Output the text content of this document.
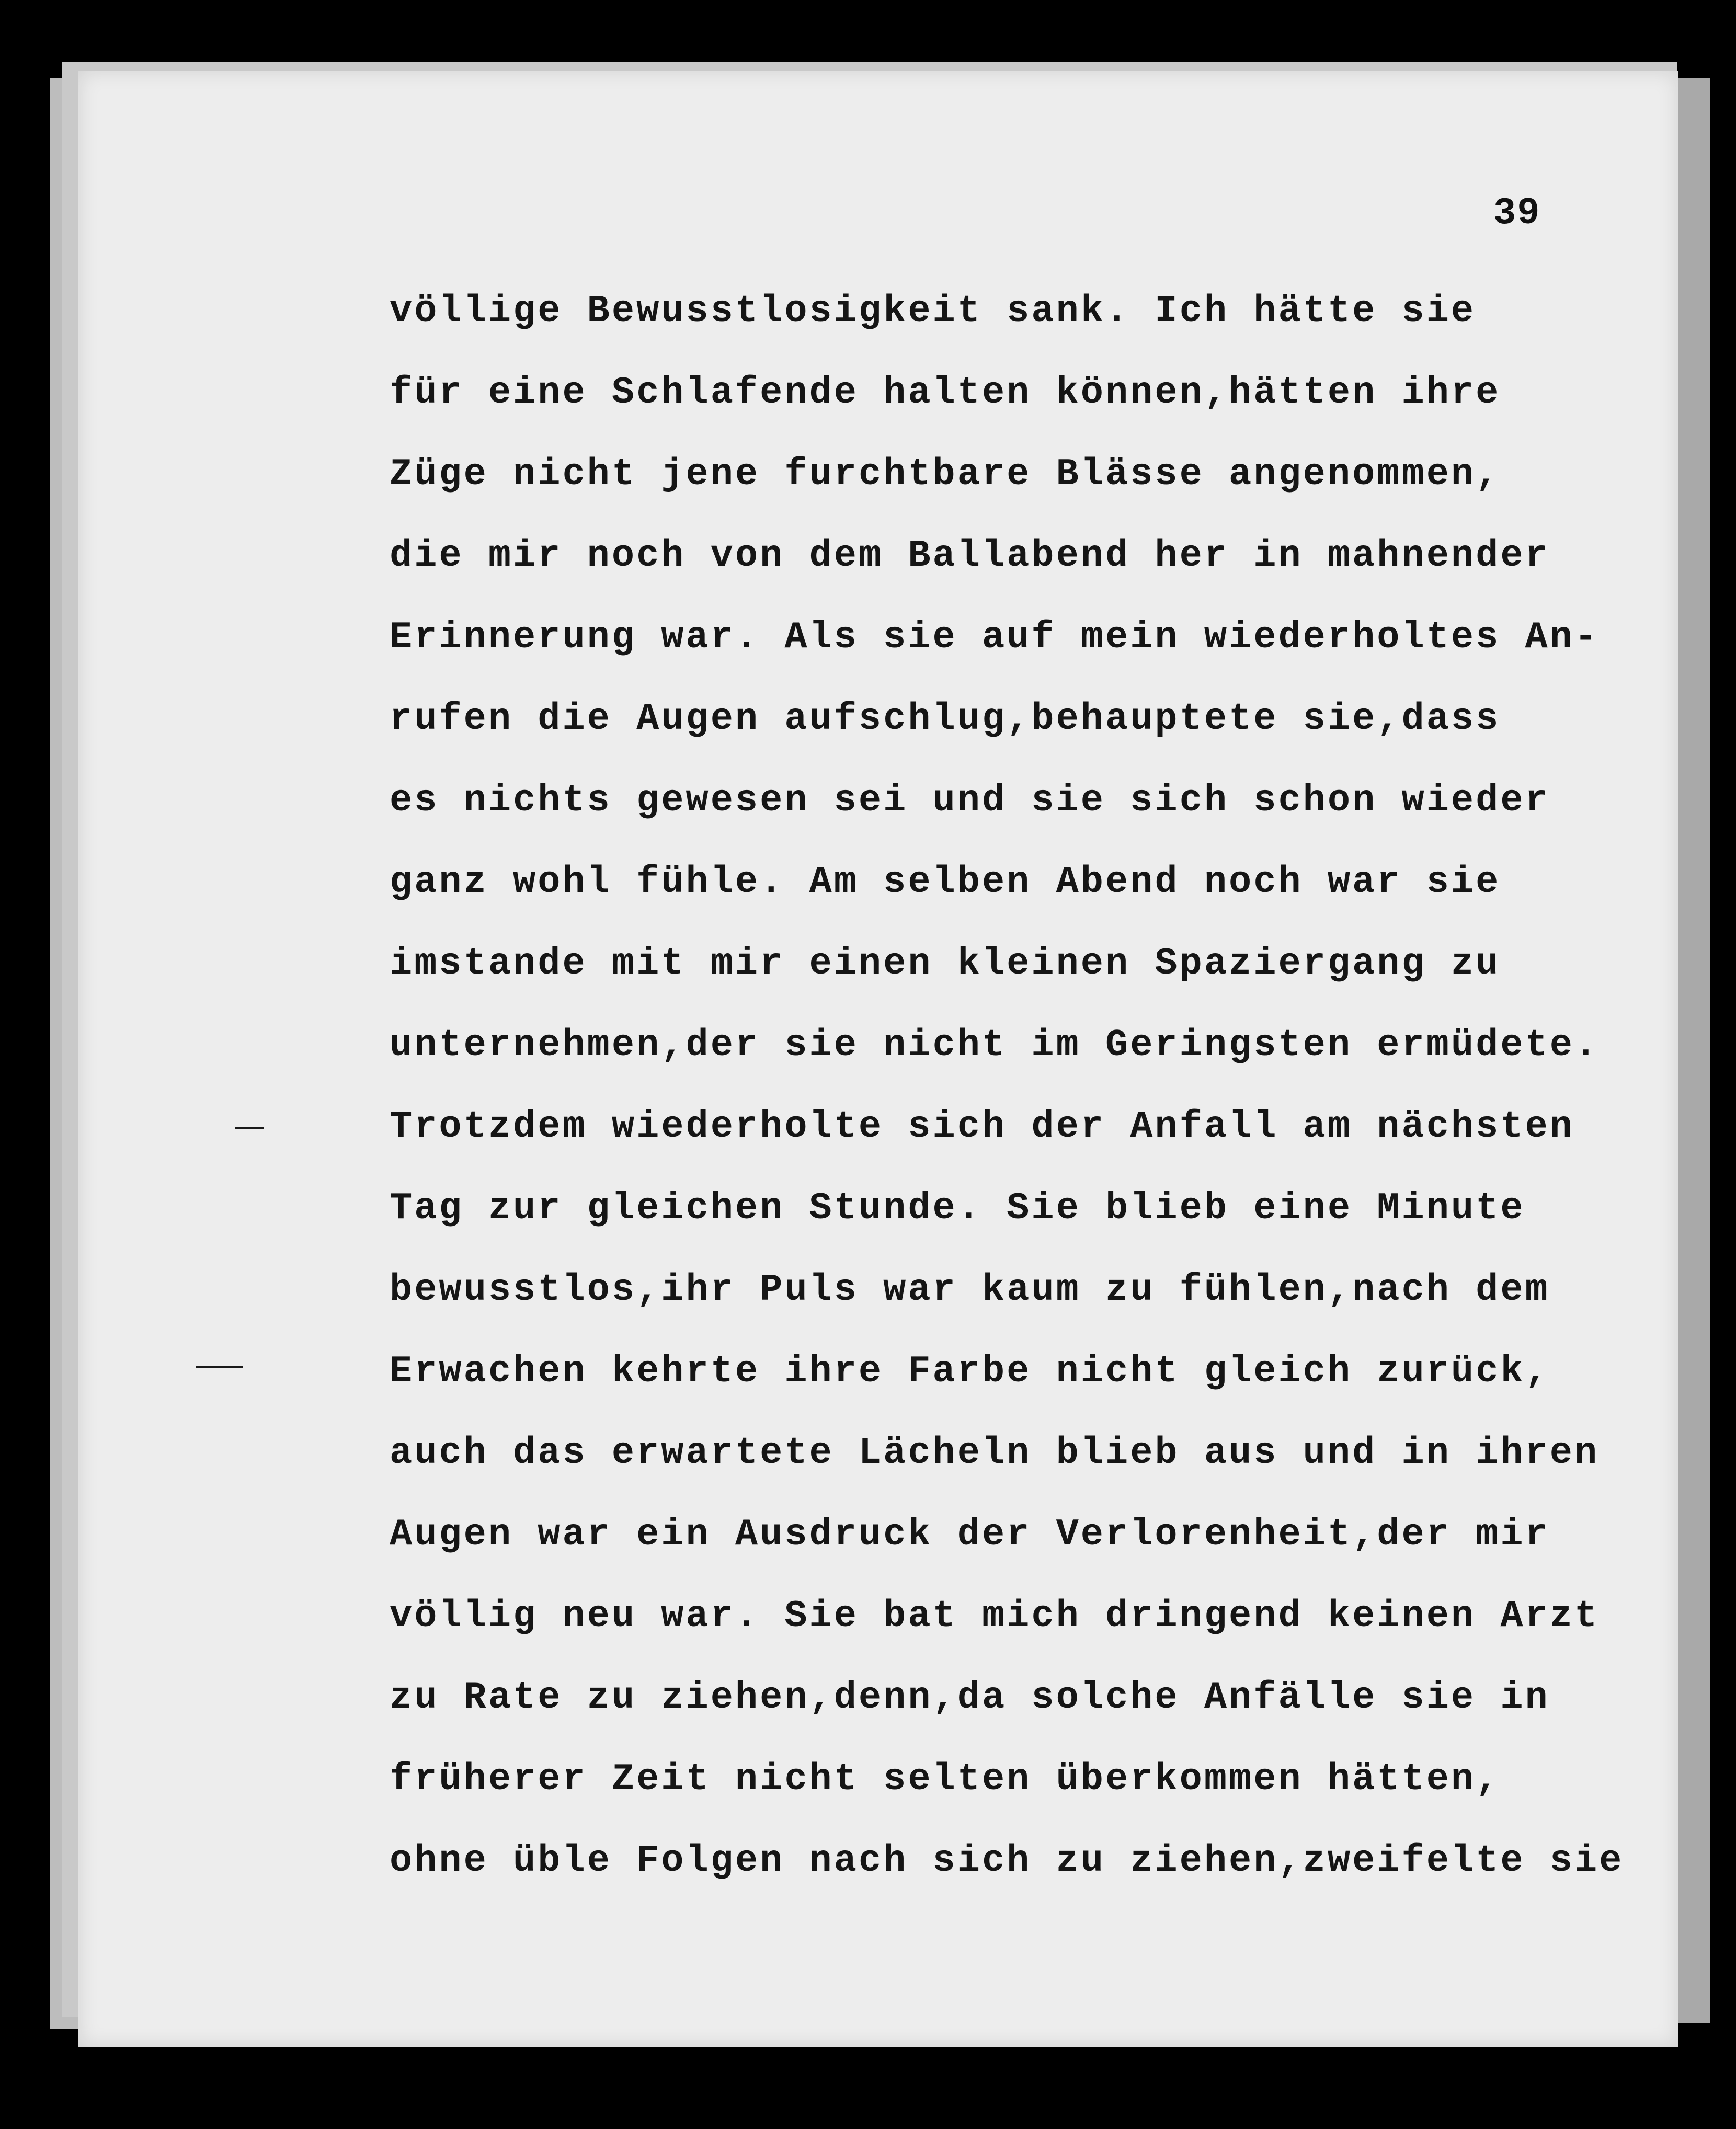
39
völlige Bewusstlosigkeit sank. Ich hätte sie
für eine Schlafende halten können,hätten ihre
Züge nicht jene furchtbare Blässe angenommen,
die mir noch von dem Ballabend her in mahnender
Erinnerung war. Als sie auf mein wiederholtes An-
rufen die Augen aufschlug,behauptete sie,dass
es nichts gewesen sei und sie sich schon wieder
ganz wohl fühle. Am selben Abend noch war sie
imstande mit mir einen kleinen Spaziergang zu
unternehmen,der sie nicht im Geringsten ermüdete.
Trotzdem wiederholte sich der Anfall am nächsten
Tag zur gleichen Stunde. Sie blieb eine Minute
bewusstlos,ihr Puls war kaum zu fühlen,nach dem
Erwachen kehrte ihre Farbe nicht gleich zurück,
auch das erwartete Lächeln blieb aus und in ihren
Augen war ein Ausdruck der Verlorenheit,der mir
völlig neu war. Sie bat mich dringend keinen Arzt
zu Rate zu ziehen,denn,da solche Anfälle sie in
früherer Zeit nicht selten überkommen hätten,
ohne üble Folgen nach sich zu ziehen,zweifelte sie
